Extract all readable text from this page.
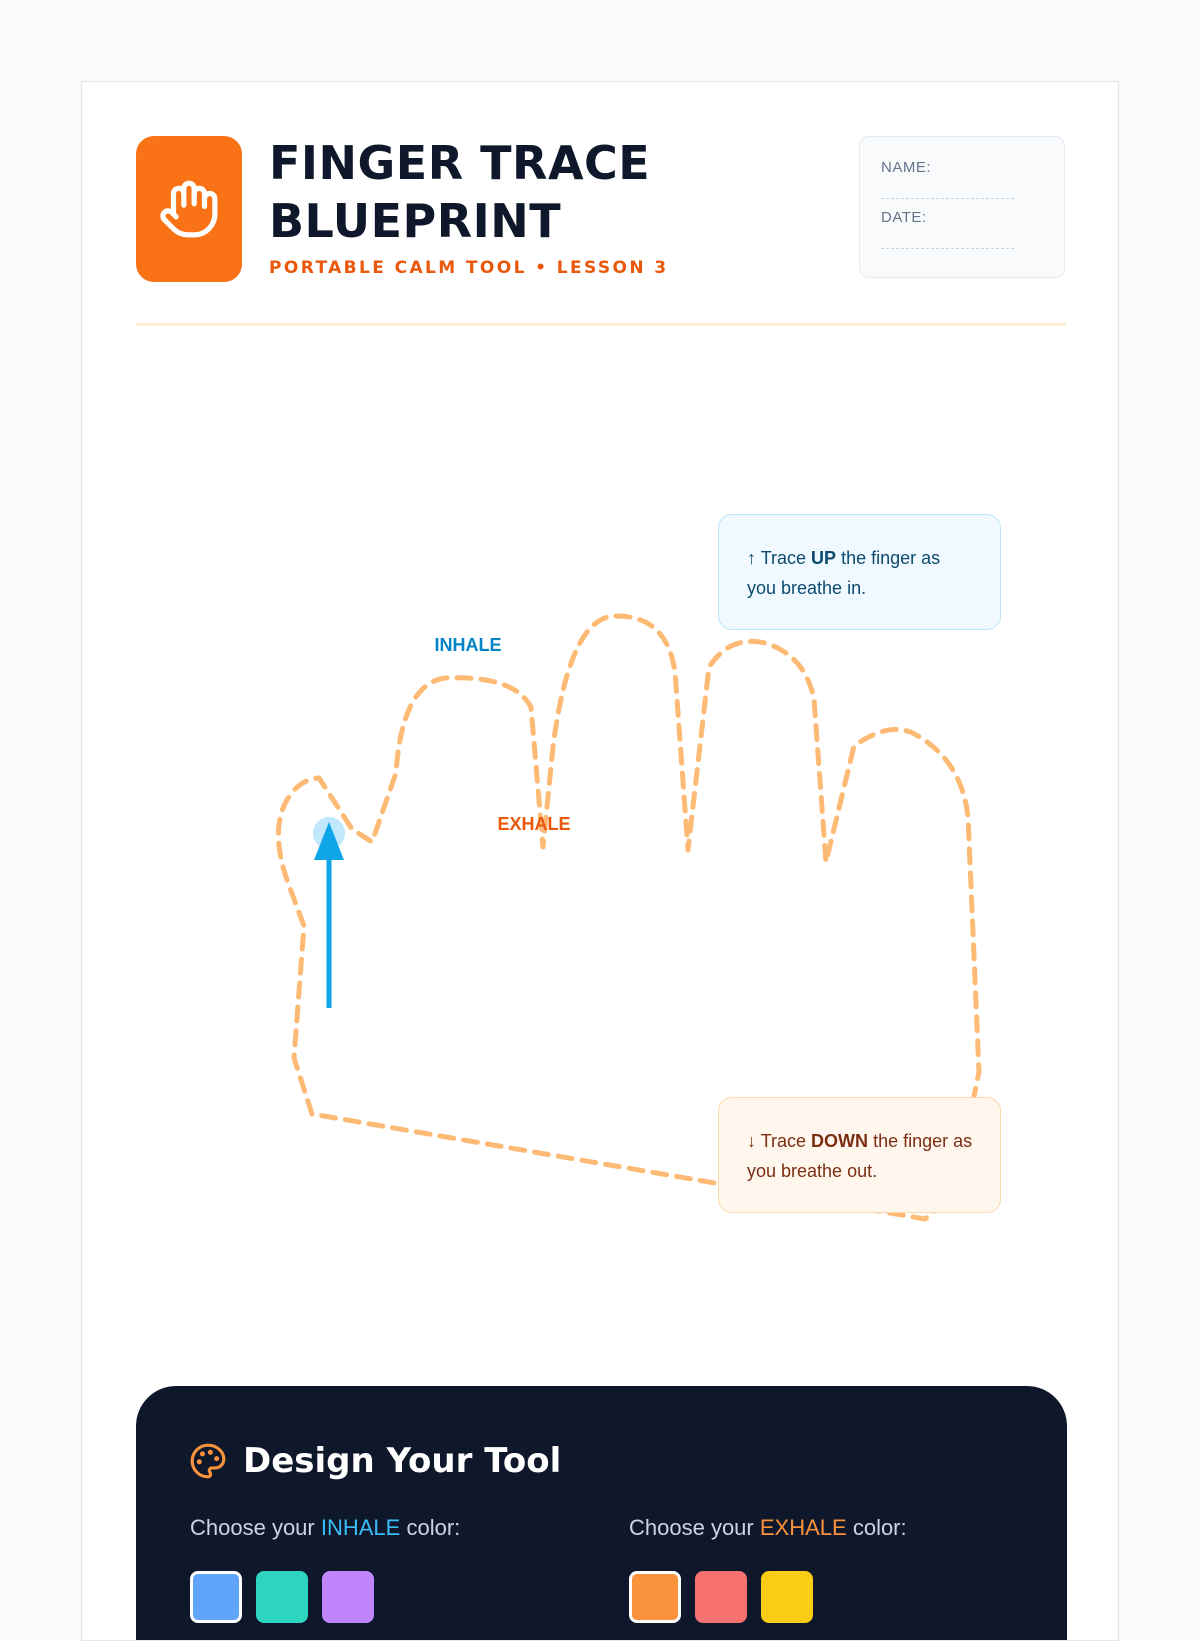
FINGER TRACE
BLUEPRINT
PORTABLE CALM TOOL • LESSON 3
NAME:
DATE:
INHALE
EXHALE
↑ Trace UP the finger as you breathe in.
↓ Trace DOWN the finger as you breathe out.
Design Your Tool
Choose your INHALE color:	Choose your EXHALE color:
